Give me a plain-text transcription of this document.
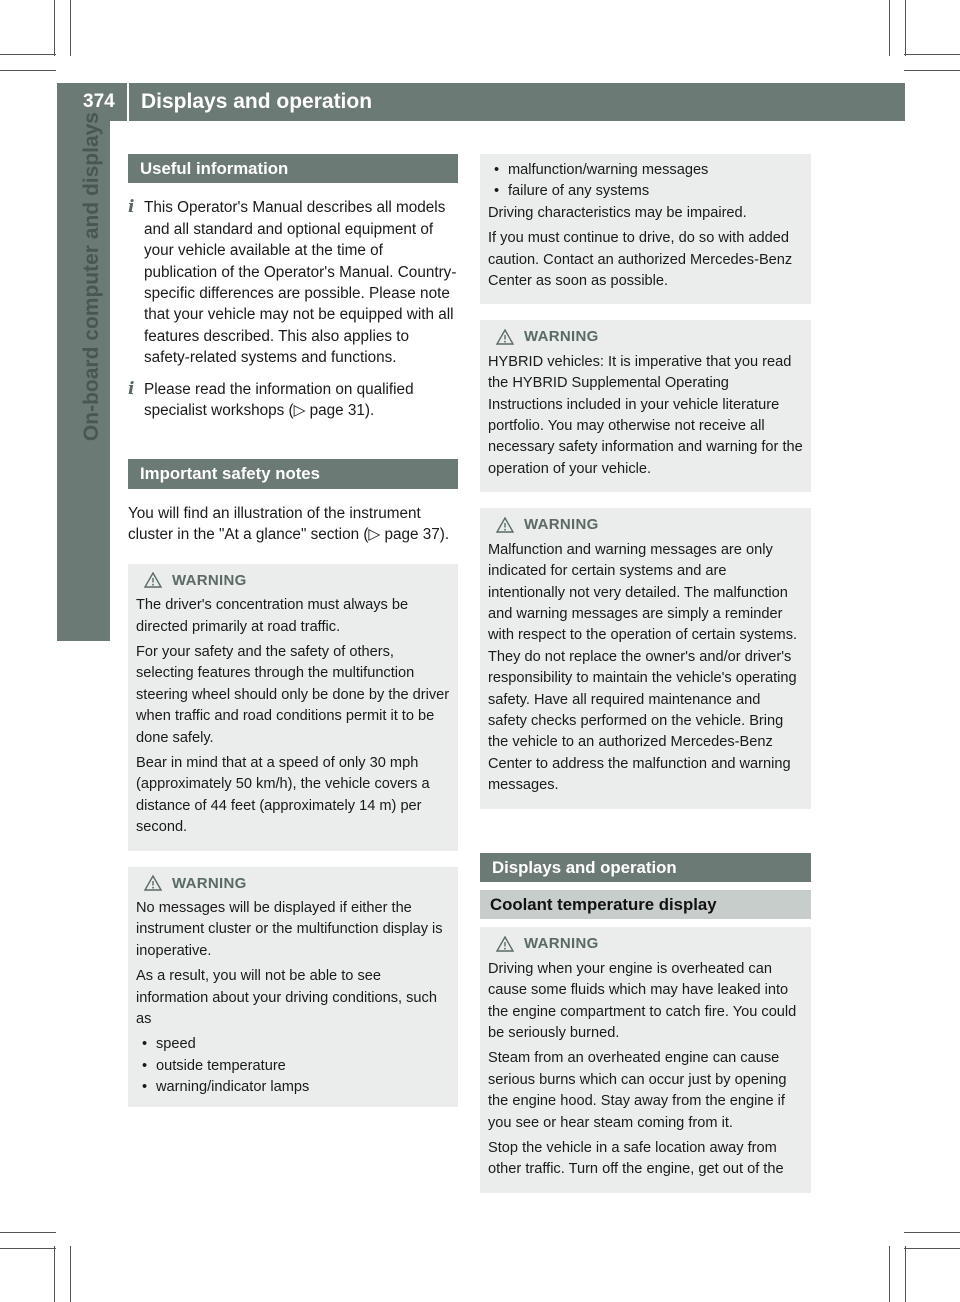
374	Displays and operation
On-board computer and displays	Useful information
i This Operator's Manual describes all models and all standard and optional equipment of your vehicle available at the time of publication of the Operator's Manual. Country-specific differences are possible. Please note that your vehicle may not be equipped with all features described. This also applies to safety-related systems and functions.
i Please read the information on qualified specialist workshops (▷ page 31).
Important safety notes

You will find an illustration of the instrument cluster in the "At a glance" section (▷ page 37).

WARNING

The driver's concentration must always be directed primarily at road traffic.

For your safety and the safety of others, selecting features through the multifunction steering wheel should only be done by the driver when traffic and road conditions permit it to be done safely.

Bear in mind that at a speed of only 30 mph (approximately 50 km/h), the vehicle covers a distance of 44 feet (approximately 14 m) per second.

WARNING

No messages will be displayed if either the instrument cluster or the multifunction display is inoperative.

As a result, you will not be able to see information about your driving conditions, such as

• speed
• outside temperature
• warning/indicator lamps
• malfunction/warning messages
• failure of any systems

Driving characteristics may be impaired.

If you must continue to drive, do so with added caution. Contact an authorized Mercedes-Benz Center as soon as possible.

WARNING

HYBRID vehicles: It is imperative that you read the HYBRID Supplemental Operating Instructions included in your vehicle literature portfolio. You may otherwise not receive all necessary safety information and warning for the operation of your vehicle.

WARNING

Malfunction and warning messages are only indicated for certain systems and are intentionally not very detailed. The malfunction and warning messages are simply a reminder with respect to the operation of certain systems. They do not replace the owner's and/or driver's responsibility to maintain the vehicle's operating safety. Have all required maintenance and safety checks performed on the vehicle. Bring the vehicle to an authorized Mercedes-Benz Center to address the malfunction and warning messages.

Displays and operation
Coolant temperature display
WARNING

Driving when your engine is overheated can cause some fluids which may have leaked into the engine compartment to catch fire. You could be seriously burned.

Steam from an overheated engine can cause serious burns which can occur just by opening the engine hood. Stay away from the engine if you see or hear steam coming from it.

Stop the vehicle in a safe location away from other traffic. Turn off the engine, get out of the
